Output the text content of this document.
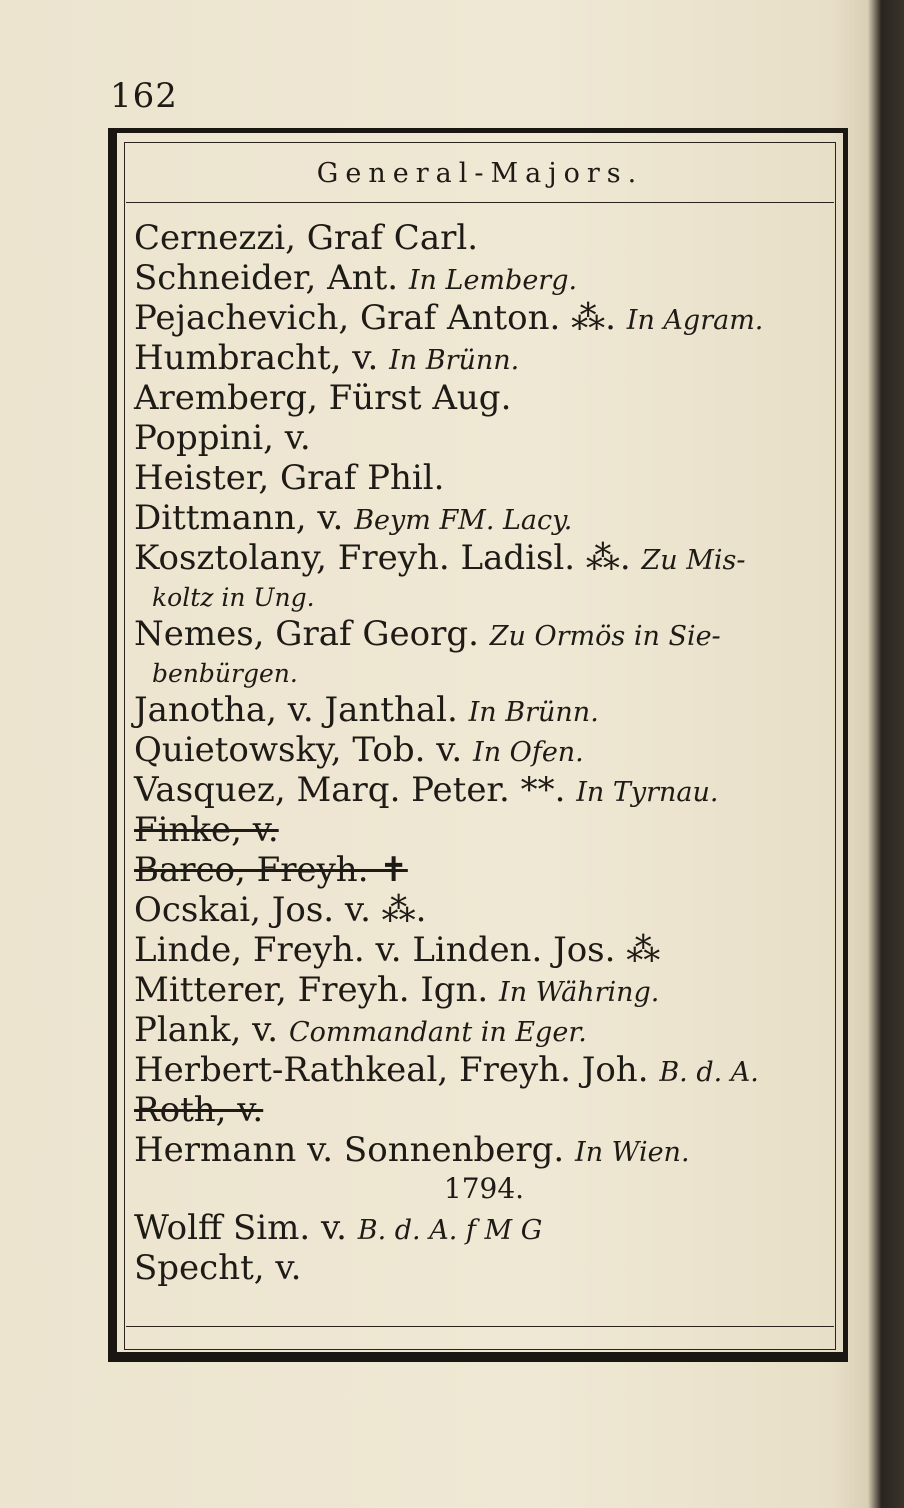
162
General-Majors.
Cernezzi, Graf Carl.
Schneider, Ant. In Lemberg.
Pejachevich, Graf Anton. ⁂. In Agram.
Humbracht, v. In Brünn.
Aremberg, Fürst Aug.
Poppini, v.
Heister, Graf Phil.
Dittmann, v. Beym FM. Lacy.
Kosztolany, Freyh. Ladisl. ⁂. Zu Mis-
koltz in Ung.
Nemes, Graf Georg. Zu Ormös in Sie-
benbürgen.
Janotha, v. Janthal. In Brünn.
Quietowsky, Tob. v. In Ofen.
Vasquez, Marq. Peter. **. In Tyrnau.
Finke, v.
Barco, Freyh. ✝
Ocskai, Jos. v. ⁂.
Linde, Freyh. v. Linden. Jos. ⁂
Mitterer, Freyh. Ign. In Währing.
Plank, v. Commandant in Eger.
Herbert-Rathkeal, Freyh. Joh. B. d. A.
Roth, v.
Hermann v. Sonnenberg. In Wien.
1794.
Wolff Sim. v. B. d. A. f M G
Specht, v.
